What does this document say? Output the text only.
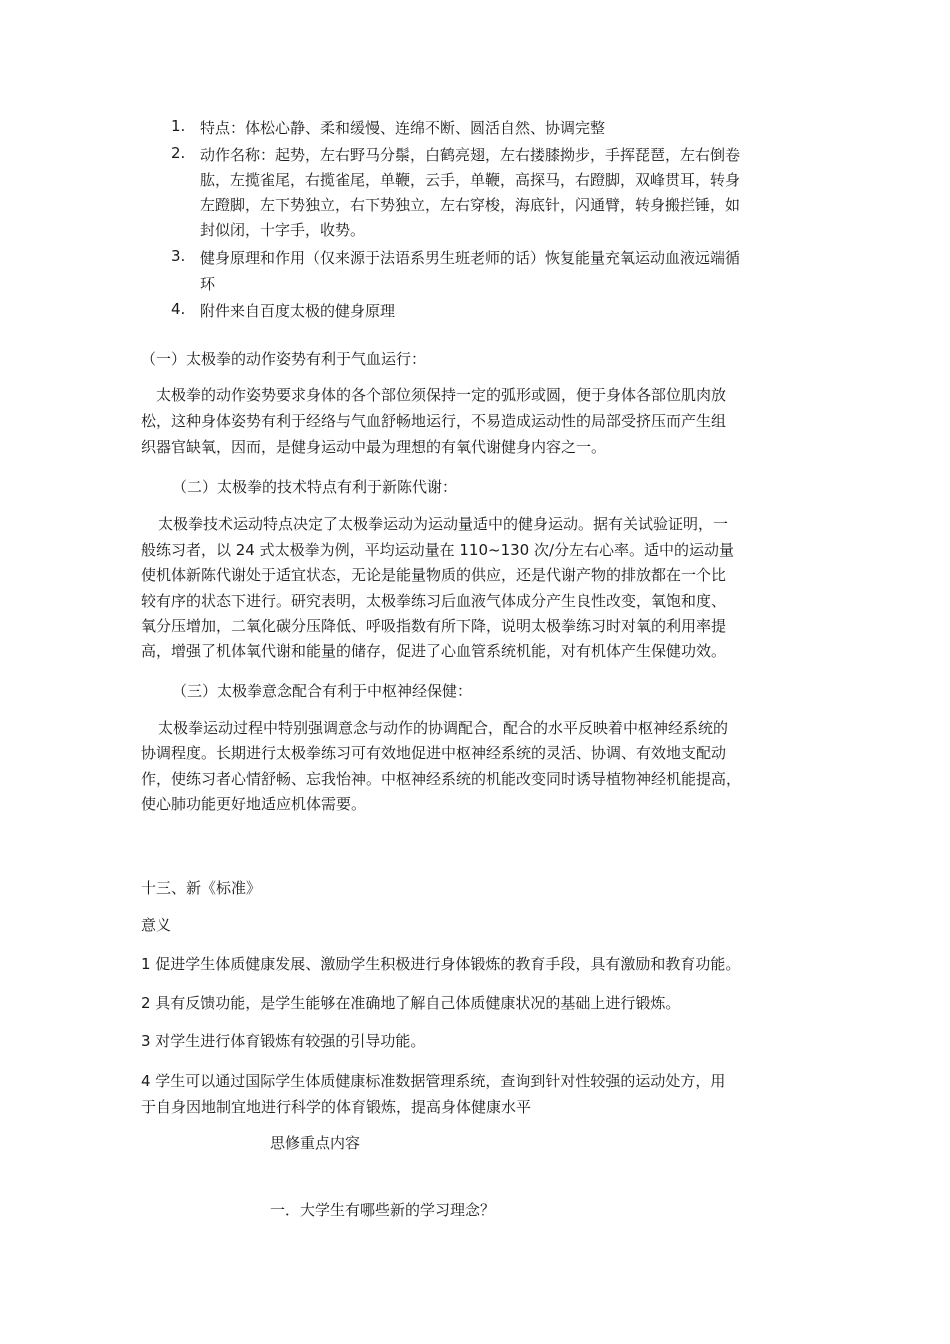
1. 特点：体松心静、柔和缓慢、连绵不断、圆活自然、协调完整
2. 动作名称：起势，左右野马分鬃，白鹤亮翅，左右搂膝拗步，手挥琵琶，左右倒卷
肱，左揽雀尾，右揽雀尾，单鞭，云手，单鞭，高探马，右蹬脚，双峰贯耳，转身
左蹬脚，左下势独立，右下势独立，左右穿梭，海底针，闪通臂，转身搬拦锤，如
封似闭，十字手，收势。
3. 健身原理和作用（仅来源于法语系男生班老师的话）恢复能量充氧运动血液远端循
环
4. 附件来自百度太极的健身原理
（一）太极拳的动作姿势有利于气血运行：
太极拳的动作姿势要求身体的各个部位须保持一定的弧形或圆，便于身体各部位肌肉放
松，这种身体姿势有利于经络与气血舒畅地运行，不易造成运动性的局部受挤压而产生组
织器官缺氧，因而，是健身运动中最为理想的有氧代谢健身内容之一。
（二）太极拳的技术特点有利于新陈代谢：
太极拳技术运动特点决定了太极拳运动为运动量适中的健身运动。据有关试验证明，一
般练习者，以 24 式太极拳为例，平均运动量在 110~130 次/分左右心率。适中的运动量
使机体新陈代谢处于适宜状态，无论是能量物质的供应，还是代谢产物的排放都在一个比
较有序的状态下进行。研究表明，太极拳练习后血液气体成分产生良性改变，氧饱和度、
氧分压增加，二氧化碳分压降低、呼吸指数有所下降，说明太极拳练习时对氧的利用率提
高，增强了机体氧代谢和能量的储存，促进了心血管系统机能，对有机体产生保健功效。
（三）太极拳意念配合有利于中枢神经保健：
太极拳运动过程中特别强调意念与动作的协调配合，配合的水平反映着中枢神经系统的
协调程度。长期进行太极拳练习可有效地促进中枢神经系统的灵活、协调、有效地支配动
作，使练习者心情舒畅、忘我怡神。中枢神经系统的机能改变同时诱导植物神经机能提高，
使心肺功能更好地适应机体需要。
十三、新《标准》
意义
1 促进学生体质健康发展、激励学生积极进行身体锻炼的教育手段，具有激励和教育功能。
2 具有反馈功能，是学生能够在准确地了解自己体质健康状况的基础上进行锻炼。
3 对学生进行体育锻炼有较强的引导功能。
4 学生可以通过国际学生体质健康标准数据管理系统，查询到针对性较强的运动处方，用
于自身因地制宜地进行科学的体育锻炼，提高身体健康水平
思修重点内容
一．大学生有哪些新的学习理念？
